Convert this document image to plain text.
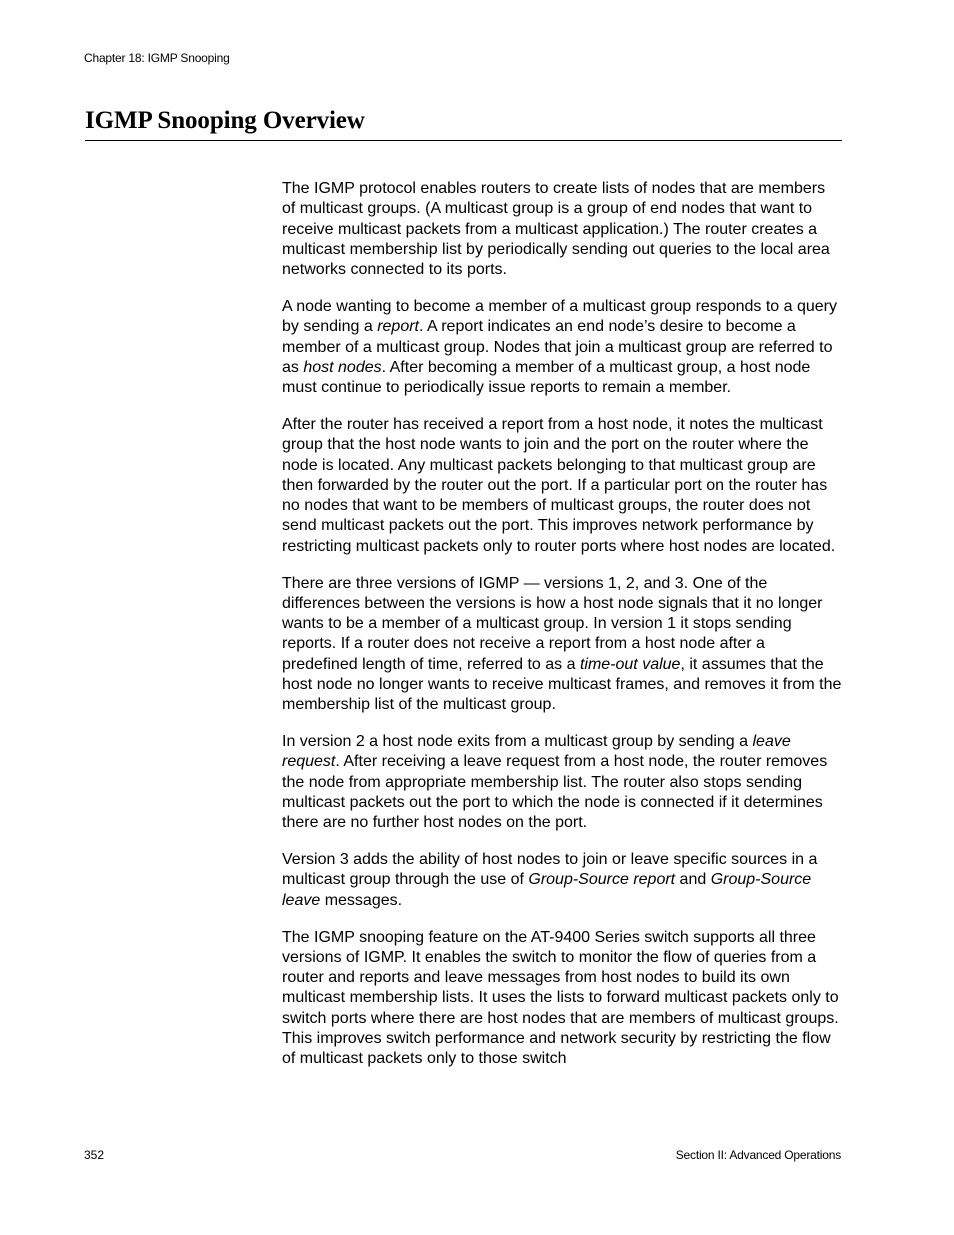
Chapter 18: IGMP Snooping
IGMP Snooping Overview

The IGMP protocol enables routers to create lists of nodes that are members of multicast groups. (A multicast group is a group of end nodes that want to receive multicast packets from a multicast application.) The router creates a multicast membership list by periodically sending out queries to the local area networks connected to its ports.

A node wanting to become a member of a multicast group responds to a query by sending a report. A report indicates an end node’s desire to become a member of a multicast group. Nodes that join a multicast group are referred to as host nodes. After becoming a member of a multicast group, a host node must continue to periodically issue reports to remain a member.

After the router has received a report from a host node, it notes the multicast group that the host node wants to join and the port on the router where the node is located. Any multicast packets belonging to that multicast group are then forwarded by the router out the port. If a particular port on the router has no nodes that want to be members of multicast groups, the router does not send multicast packets out the port. This improves network performance by restricting multicast packets only to router ports where host nodes are located.

There are three versions of IGMP — versions 1, 2, and 3. One of the differences between the versions is how a host node signals that it no longer wants to be a member of a multicast group. In version 1 it stops sending reports. If a router does not receive a report from a host node after a predefined length of time, referred to as a time-out value, it assumes that the host node no longer wants to receive multicast frames, and removes it from the membership list of the multicast group.

In version 2 a host node exits from a multicast group by sending a leave request. After receiving a leave request from a host node, the router removes the node from appropriate membership list. The router also stops sending multicast packets out the port to which the node is connected if it determines there are no further host nodes on the port.

Version 3 adds the ability of host nodes to join or leave specific sources in a multicast group through the use of Group-Source report and Group-Source leave messages.

The IGMP snooping feature on the AT-9400 Series switch supports all three versions of IGMP. It enables the switch to monitor the flow of queries from a router and reports and leave messages from host nodes to build its own multicast membership lists. It uses the lists to forward multicast packets only to switch ports where there are host nodes that are members of multicast groups. This improves switch performance and network security by restricting the flow of multicast packets only to those switch

352	Section II: Advanced Operations
